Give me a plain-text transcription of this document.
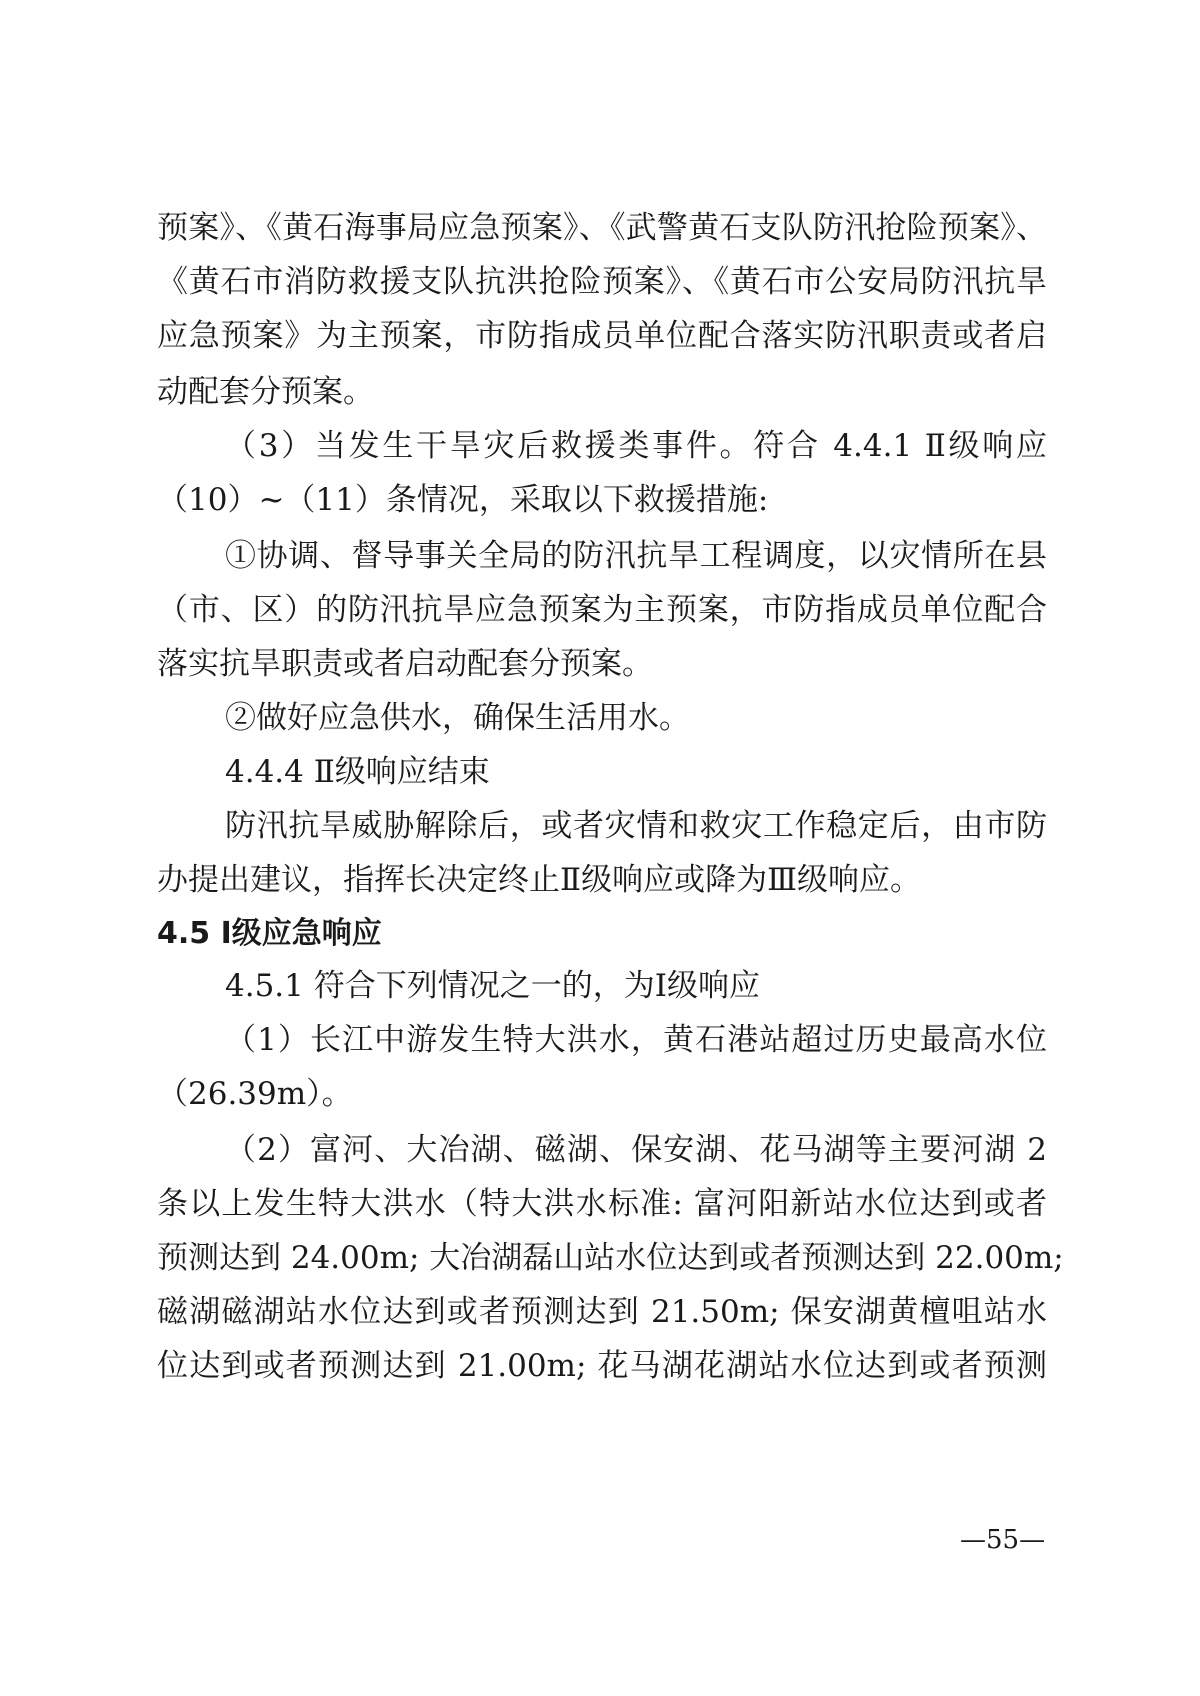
预案》、《黄石海事局应急预案》、《武警黄石支队防汛抢险预案》、
《黄石市消防救援支队抗洪抢险预案》、《黄石市公安局防汛抗旱
应急预案》为主预案，市防指成员单位配合落实防汛职责或者启
动配套分预案。
（3）当发生干旱灾后救援类事件。符合 4.4.1 Ⅱ级响应
（10）~（11）条情况，采取以下救援措施:
①协调、督导事关全局的防汛抗旱工程调度，以灾情所在县
（市、区）的防汛抗旱应急预案为主预案，市防指成员单位配合
落实抗旱职责或者启动配套分预案。
②做好应急供水，确保生活用水。
4.4.4 Ⅱ级响应结束
防汛抗旱威胁解除后，或者灾情和救灾工作稳定后，由市防
办提出建议，指挥长决定终止Ⅱ级响应或降为Ⅲ级响应。
4.5 Ⅰ级应急响应
4.5.1 符合下列情况之一的，为Ⅰ级响应
（1）长江中游发生特大洪水，黄石港站超过历史最高水位
（26.39m）。
（2）富河、大冶湖、磁湖、保安湖、花马湖等主要河湖 2
条以上发生特大洪水（特大洪水标准: 富河阳新站水位达到或者
预测达到 24.00m; 大冶湖磊山站水位达到或者预测达到 22.00m;
磁湖磁湖站水位达到或者预测达到 21.50m; 保安湖黄檀咀站水
位达到或者预测达到 21.00m; 花马湖花湖站水位达到或者预测
—55—
